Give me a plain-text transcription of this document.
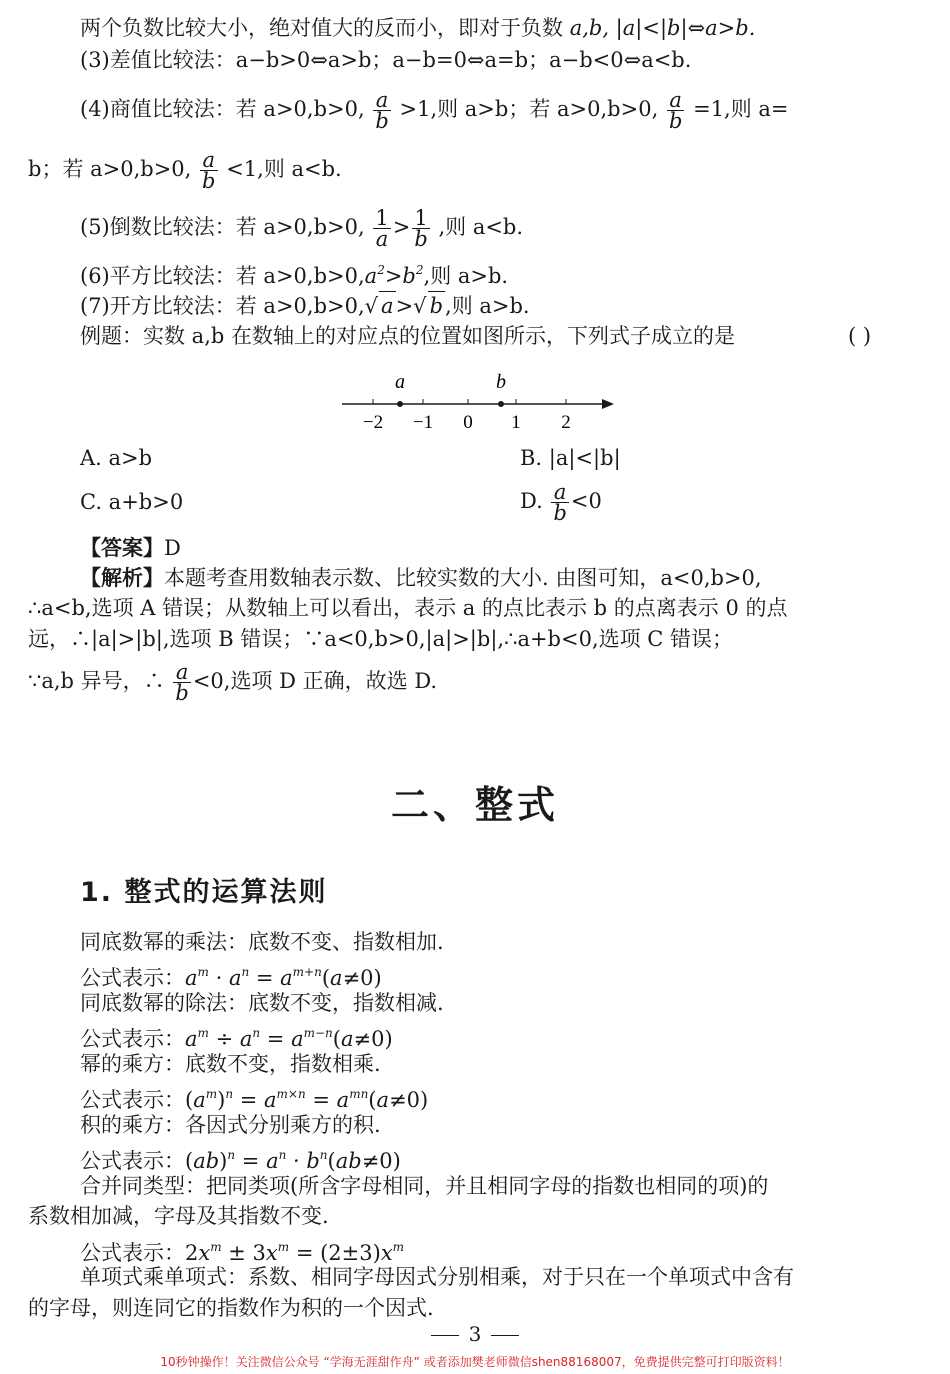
两个负数比较大小，绝对值大的反而小，即对于负数 a,b, |a|<|b|⇔a>b.
(3)差值比较法：a−b>0⇔a>b；a−b=0⇔a=b；a−b<0⇔a<b.
(4)商值比较法：若 a>0,b>0, $\frac{a}{b} >1$,则 a>b；若 a>0,b>0, $\frac{a}{b} =1$,则 a=
b；若 a>0,b>0, $\frac{a}{b} <1$,则 a<b.
(5)倒数比较法：若 a>0,b>0, $\frac{1}{a} > \frac{1}{b}$ ,则 a<b.
(6)平方比较法：若 $a>0,b>0,a^2>b^2$,则 a>b.
(7)开方比较法：若 a>0,b>0,√ a>√ b,则 a>b.
例题：实数 a,b 在数轴上的对应点的位置如图所示，下列式子成立的是	( )
a	b
−2 −1 0 1 2
A. a>b	B. |a|<|b|
C. a+b>0	D. $\frac{a}{b} <0$
【答案】D
【解析】本题考查用数轴表示数、比较实数的大小. 由图可知，a<0,b>0,
∴a<b,选项 A 错误；从数轴上可以看出，表示 a 的点比表示 b 的点离表示 0 的点
远，∴|a|>|b|,选项 B 错误；∵a<0,b>0,|a|>|b|,∴a+b<0,选项 C 错误；
∵a,b 异号，∴ $\frac{a}{b} <0$,选项 D 正确，故选 D.
二、整式
1. 整式的运算法则
同底数幂的乘法：底数不变、指数相加.
公式表示：$a^m \cdot a^n = a^{m+n}(a\ne 0)$
同底数幂的除法：底数不变，指数相减.
公式表示：$a^m \div a^n = a^{m-n}(a\ne 0)$
幂的乘方：底数不变，指数相乘.
公式表示：$(a^m)^n = a^{m\times n} = a^{mn}(a\ne 0)$
积的乘方：各因式分别乘方的积.
公式表示：$(ab)^n = a^n \cdot b^n(ab\ne 0)$
合并同类型：把同类项(所含字母相同，并且相同字母的指数也相同的项)的
系数相加减，字母及其指数不变.
公式表示：$2x^m \pm 3x^m = (2\pm 3)x^m$
单项式乘单项式：系数、相同字母因式分别相乘，对于只在一个单项式中含有
的字母，则连同它的指数作为积的一个因式.
3
10秒钟操作！关注微信公众号 “学海无涯甜作舟” 或者添加樊老师微信shen88168007，免费提供完整可打印版资料！
